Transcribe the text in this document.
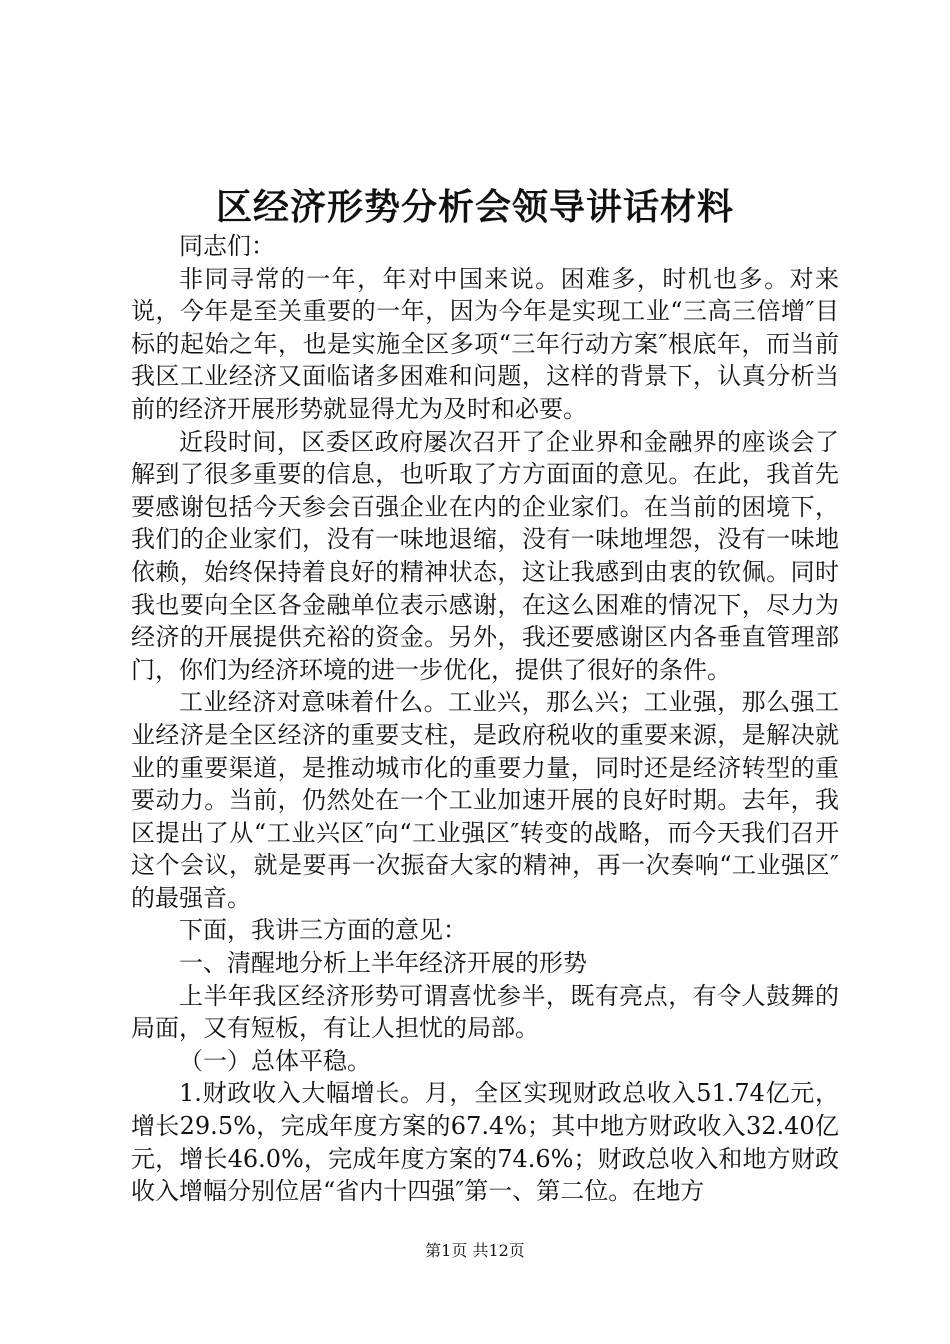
区经济形势分析会领导讲话材料

同志们：

非同寻常的一年，年对中国来说。困难多，时机也多。对来说，今年是至关重要的一年，因为今年是实现工业“三高三倍增″目标的起始之年，也是实施全区多项“三年行动方案″根底年，而当前我区工业经济又面临诸多困难和问题，这样的背景下，认真分析当前的经济开展形势就显得尤为及时和必要。

近段时间，区委区政府屡次召开了企业界和金融界的座谈会了解到了很多重要的信息，也听取了方方面面的意见。在此，我首先要感谢包括今天参会百强企业在内的企业家们。在当前的困境下，我们的企业家们，没有一味地退缩，没有一味地埋怨，没有一味地依赖，始终保持着良好的精神状态，这让我感到由衷的钦佩。同时我也要向全区各金融单位表示感谢，在这么困难的情况下，尽力为经济的开展提供充裕的资金。另外，我还要感谢区内各垂直管理部门，你们为经济环境的进一步优化，提供了很好的条件。

工业经济对意味着什么。工业兴，那么兴；工业强，那么强工业经济是全区经济的重要支柱，是政府税收的重要来源，是解决就业的重要渠道，是推动城市化的重要力量，同时还是经济转型的重要动力。当前，仍然处在一个工业加速开展的良好时期。去年，我区提出了从“工业兴区″向“工业强区″转变的战略，而今天我们召开这个会议，就是要再一次振奋大家的精神，再一次奏响“工业强区″的最强音。

下面，我讲三方面的意见：

一、清醒地分析上半年经济开展的形势

上半年我区经济形势可谓喜忧参半，既有亮点，有令人鼓舞的局面，又有短板，有让人担忧的局部。

（一）总体平稳。

1.财政收入大幅增长。月，全区实现财政总收入51.74亿元，增长29.5%，完成年度方案的67.4%；其中地方财政收入32.40亿元，增长46.0%，完成年度方案的74.6%；财政总收入和地方财政收入增幅分别位居“省内十四强″第一、第二位。在地方

第1页 共12页
